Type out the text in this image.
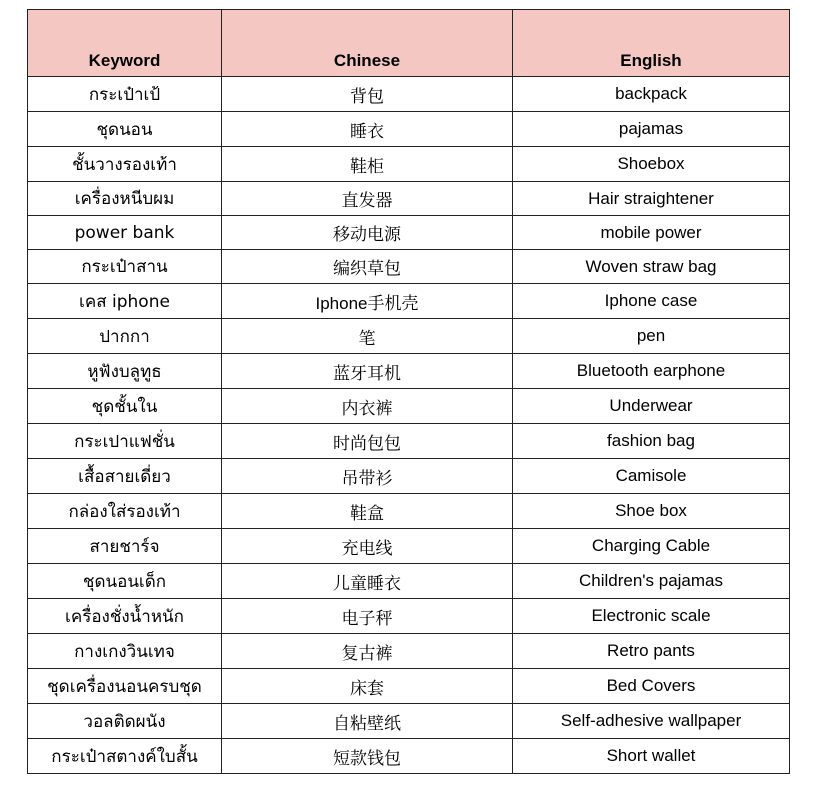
Keyword	Chinese	English
กระเป๋าเป้	背包	backpack
ชุดนอน	睡衣	pajamas
ชั้นวางรองเท้า	鞋柜	Shoebox
เครื่องหนีบผม	直发器	Hair straightener
power bank	移动电源	mobile power
กระเป๋าสาน	编织草包	Woven straw bag
เคส iphone	Iphone手机壳	Iphone case
ปากกา	笔	pen
หูฟังบลูทูธ	蓝牙耳机	Bluetooth earphone
ชุดชั้นใน	内衣裤	Underwear
กระเปาแฟชั่น	时尚包包	fashion bag
เสื้อสายเดี่ยว	吊带衫	Camisole
กล่องใส่รองเท้า	鞋盒	Shoe box
สายชาร์จ	充电线	Charging Cable
ชุดนอนเด็ก	儿童睡衣	Children's pajamas
เครื่องชั่งน้ำหนัก	电子秤	Electronic scale
กางเกงวินเทจ	复古裤	Retro pants
ชุดเครื่องนอนครบชุด	床套	Bed Covers
วอลติดผนัง	自粘壁纸	Self-adhesive wallpaper
กระเป๋าสตางค์ใบสั้น	短款钱包	Short wallet
